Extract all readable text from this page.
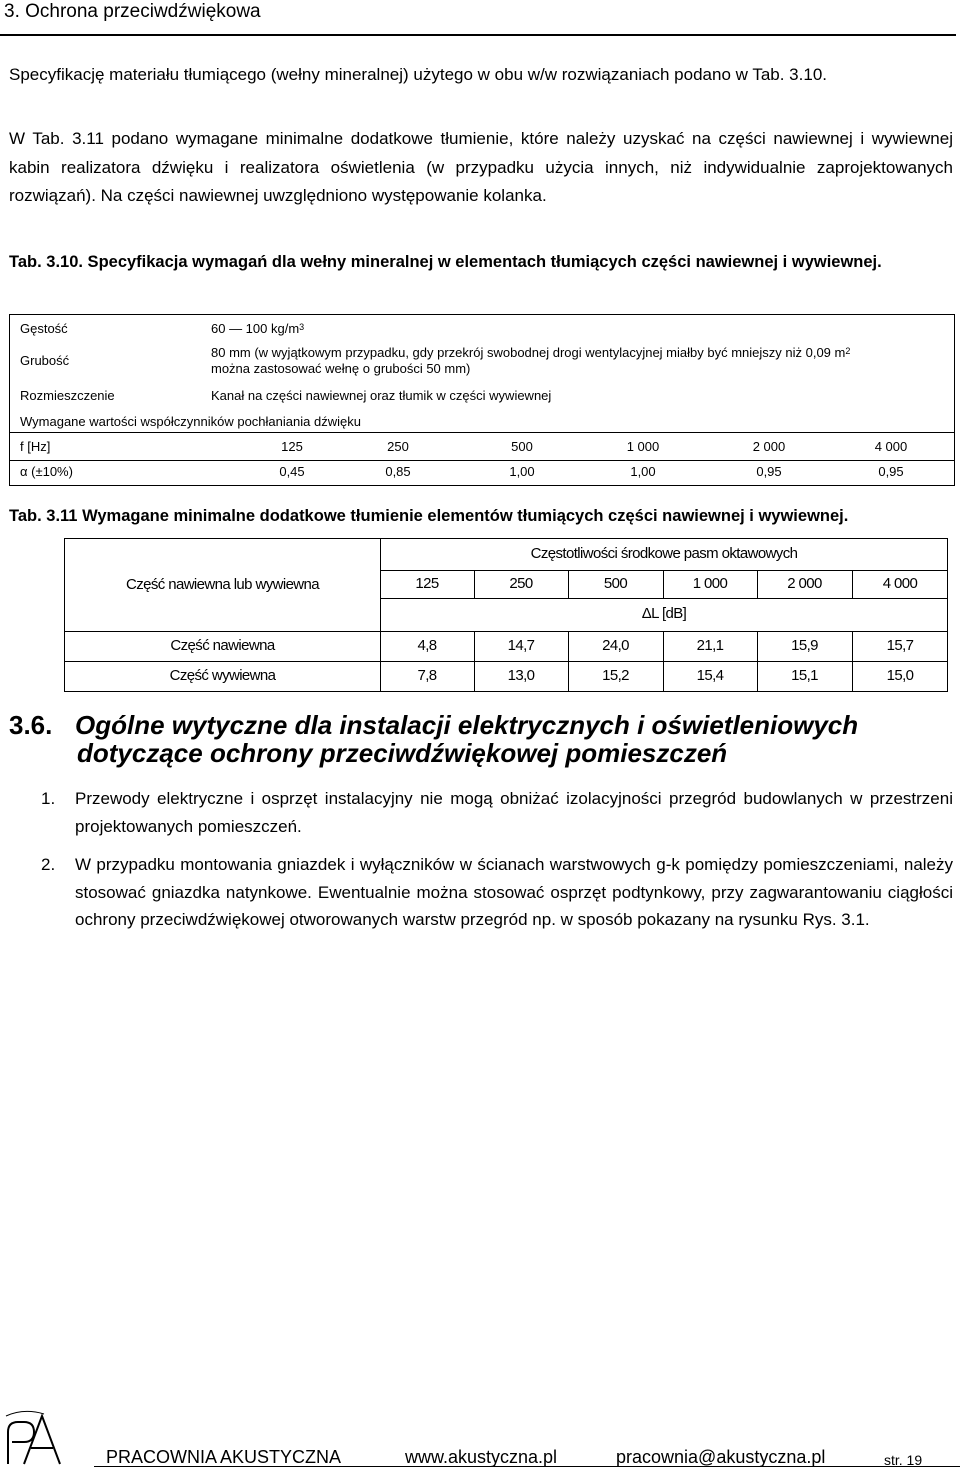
3. Ochrona przeciwdźwiękowa
Specyfikację materiału tłumiącego (wełny mineralnej) użytego w obu w/w rozwiązaniach podano w Tab. 3.10.
W Tab. 3.11 podano wymagane minimalne dodatkowe tłumienie, które należy uzyskać na części nawiewnej i wywiewnej kabin realizatora dźwięku i realizatora oświetlenia (w przypadku użycia innych, niż indywidualnie zaprojektowanych rozwiązań). Na części nawiewnej uwzględniono występowanie kolanka.
Tab. 3.10. Specyfikacja wymagań dla wełny mineralnej w elementach tłumiących części nawiewnej i wywiewnej.
Gęstość	60 — 100 $kg/m^3$
Grubość
80 mm (w wyjątkowym przypadku, gdy przekrój swobodnej drogi wentylacyjnej miałby być mniejszy niż 0,09 $m^2$
można zastosować wełnę o grubości 50 mm)
Rozmieszczenie	Kanał na części nawiewnej oraz tłumik w części wywiewnej
Wymagane wartości współczynników pochłaniania dźwięku
f [Hz]	125	250	500	1 000	2 000	4 000
α (±10%)	0,45	0,85	1,00	1,00	0,95	0,95
Tab. 3.11 Wymagane minimalne dodatkowe tłumienie elementów tłumiących części nawiewnej i wywiewnej.
Częstotliwości środkowe pasm oktawowych
Część nawiewna lub wywiewna	125	250	500	1 000	2 000	4 000
ΔL [dB]
Część nawiewna	4,8	14,7	24,0	21,1	15,9	15,7
Część wywiewna	7,8	13,0	15,2	15,4	15,1	15,0
3.6. Ogólne wytyczne dla instalacji elektrycznych i oświetleniowych
dotyczące ochrony przeciwdźwiękowej pomieszczeń
1. Przewody elektryczne i osprzęt instalacyjny nie mogą obniżać izolacyjności przegród budowlanych w przestrzeni projektowanych pomieszczeń.
2. W przypadku montowania gniazdek i wyłączników w ścianach warstwowych g-k pomiędzy pomieszczeniami, należy stosować gniazdka natynkowe. Ewentualnie można stosować osprzęt podtynkowy, przy zagwarantowaniu ciągłości ochrony przeciwdźwiękowej otworowanych warstw przegród np. w sposób pokazany na rysunku Rys. 3.1.
PRACOWNIA AKUSTYCZNA	www.akustyczna.pl	pracownia@akustyczna.pl	str. 19
